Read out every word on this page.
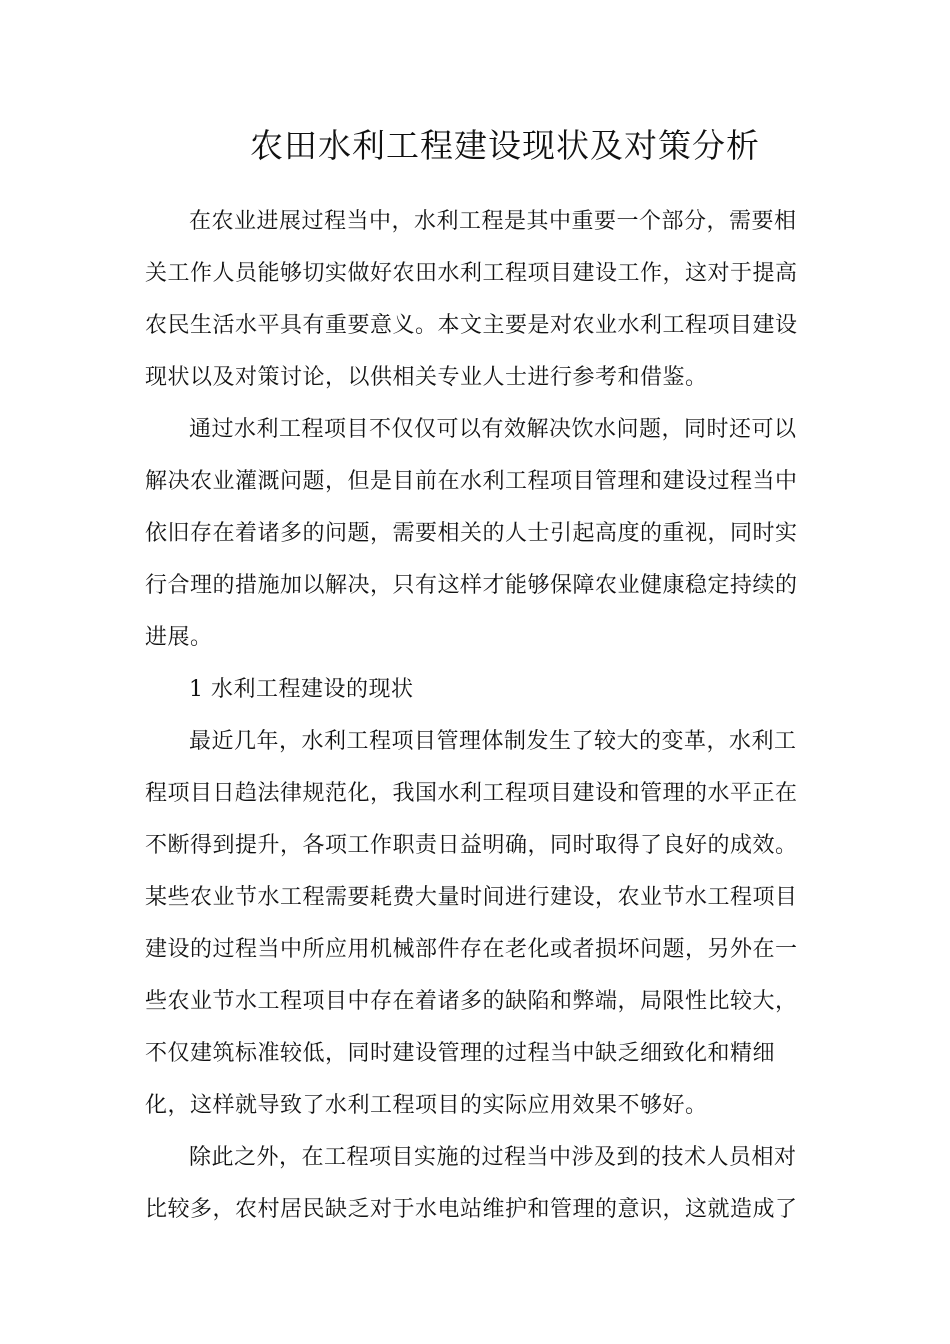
农田水利工程建设现状及对策分析

在农业进展过程当中，水利工程是其中重要一个部分，需要相关工作人员能够切实做好农田水利工程项目建设工作，这对于提高农民生活水平具有重要意义。本文主要是对农业水利工程项目建设现状以及对策讨论，以供相关专业人士进行参考和借鉴。

通过水利工程项目不仅仅可以有效解决饮水问题，同时还可以解决农业灌溉问题，但是目前在水利工程项目管理和建设过程当中依旧存在着诸多的问题，需要相关的人士引起高度的重视，同时实行合理的措施加以解决，只有这样才能够保障农业健康稳定持续的进展。

1 水利工程建设的现状

最近几年，水利工程项目管理体制发生了较大的变革，水利工程项目日趋法律规范化，我国水利工程项目建设和管理的水平正在不断得到提升，各项工作职责日益明确，同时取得了良好的成效。某些农业节水工程需要耗费大量时间进行建设，农业节水工程项目建设的过程当中所应用机械部件存在老化或者损坏问题，另外在一些农业节水工程项目中存在着诸多的缺陷和弊端，局限性比较大，不仅建筑标准较低，同时建设管理的过程当中缺乏细致化和精细化，这样就导致了水利工程项目的实际应用效果不够好。

除此之外，在工程项目实施的过程当中涉及到的技术人员相对比较多，农村居民缺乏对于水电站维护和管理的意识，这就造成了
